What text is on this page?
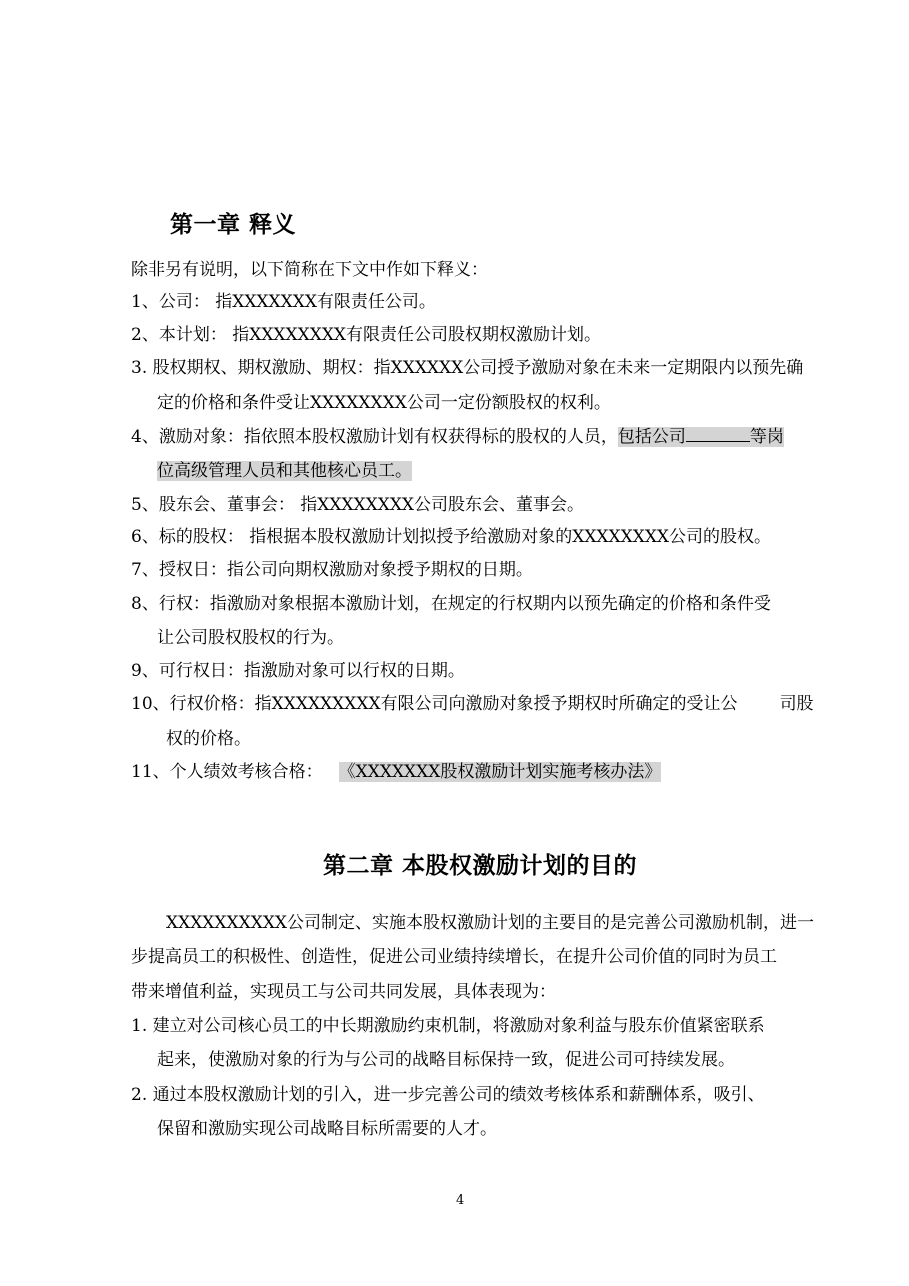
第一章 释义
除非另有说明，以下简称在下文中作如下释义：
1、公司： 指XXXXXXX有限责任公司。
2、本计划： 指XXXXXXXX有限责任公司股权期权激励计划。
3. 股权期权、期权激励、期权：指XXXXXX公司授予激励对象在未来一定期限内以预先确
定的价格和条件受让XXXXXXXX公司一定份额股权的权利。
4、激励对象：指依照本股权激励计划有权获得标的股权的人员，包括公司	等岗
位高级管理人员和其他核心员工。
5、股东会、董事会： 指XXXXXXXX公司股东会、董事会。
6、标的股权： 指根据本股权激励计划拟授予给激励对象的XXXXXXXX公司的股权。
7、授权日：指公司向期权激励对象授予期权的日期。
8、行权：指激励对象根据本激励计划，在规定的行权期内以预先确定的价格和条件受
让公司股权股权的行为。
9、可行权日：指激励对象可以行权的日期。
10、行权价格：指XXXXXXXXX有限公司向激励对象授予期权时所确定的受让公 司股
权的价格。
11、个人绩效考核合格： 《XXXXXXX股权激励计划实施考核办法》
第二章 本股权激励计划的目的
XXXXXXXXXX公司制定、实施本股权激励计划的主要目的是完善公司激励机制，进一
步提高员工的积极性、创造性，促进公司业绩持续增长，在提升公司价值的同时为员工
带来增值利益，实现员工与公司共同发展，具体表现为：
1. 建立对公司核心员工的中长期激励约束机制，将激励对象利益与股东价值紧密联系
起来，使激励对象的行为与公司的战略目标保持一致，促进公司可持续发展。
2. 通过本股权激励计划的引入，进一步完善公司的绩效考核体系和薪酬体系，吸引、
保留和激励实现公司战略目标所需要的人才。
4
